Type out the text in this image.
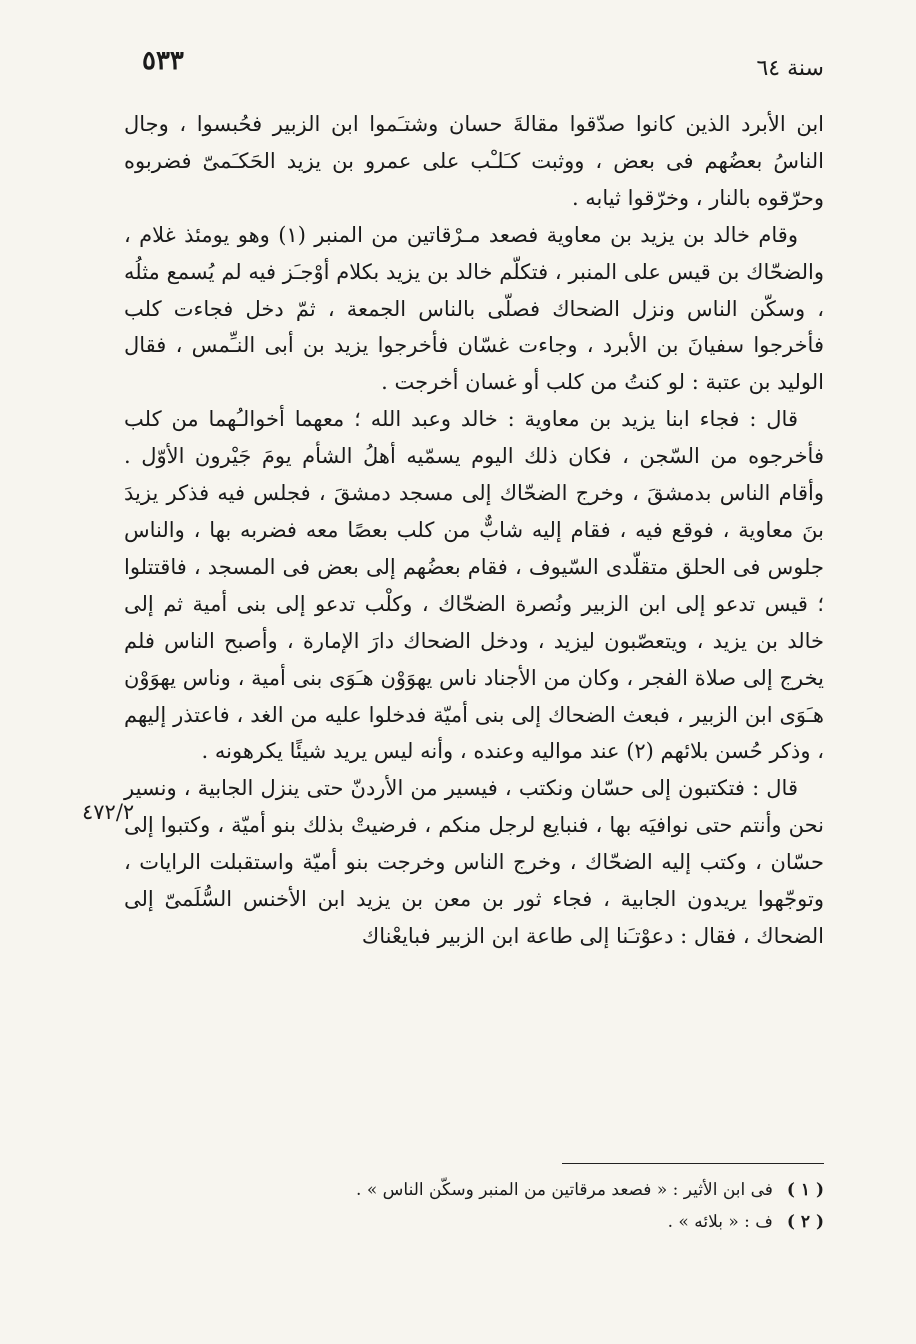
سنة ٦٤
٥٣٣

ابن الأبرد الذين كانوا صدّقوا مقالةَ حسان وشتـَموا ابن الزبير فحُبسوا ، وجال الناسُ بعضُهم فى بعض ، ووثبت كـَلـْب على عمرو بن يزيد الحَكـَمىّ فضربوه وحرّقوه بالنار ، وخرّقوا ثيابه .

وقام خالد بن يزيد بن معاوية فصعد مـرْقاتين من المنبر (١) وهو يومئذ غلام ، والضحّاك بن قيس على المنبر ، فتكلّم خالد بن يزيد بكلام أوْجـَز فيه لم يُسمع مثلُه ، وسكّن الناس ونزل الضحاك فصلّى بالناس الجمعة ، ثمّ دخل فجاءت كلب فأخرجوا سفيانَ بن الأبرد ، وجاءت غسّان فأخرجوا يزيد بن أبى النـِّمس ، فقال الوليد بن عتبة : لو كنتُ من كلب أو غسان أخرجت .

قال : فجاء ابنا يزيد بن معاوية : خالد وعبد الله ؛ معهما أخوالـُهما من كلب فأخرجوه من السّجن ، فكان ذلك اليوم يسمّيه أهلُ الشأم يومَ جَيْرون الأوّل . وأقام الناس بدمشقَ ، وخرج الضحّاك إلى مسجد دمشقَ ، فجلس فيه فذكر يزيدَ بنَ معاوية ، فوقع فيه ، فقام إليه شابٌّ من كلب بعصًا معه فضربه بها ، والناس جلوس فى الحلق متقلّدى السّيوف ، فقام بعضُهم إلى بعض فى المسجد ، فاقتتلوا ؛ قيس تدعو إلى ابن الزبير ونُصرة الضحّاك ، وكلْب تدعو إلى بنى أمية ثم إلى خالد بن يزيد ، ويتعصّبون ليزيد ، ودخل الضحاك دارَ الإمارة ، وأصبح الناس فلم يخرج إلى صلاة الفجر ، وكان من الأجناد ناس يهوَوْن هـَوَى بنى أمية ، وناس يهوَوْن هـَوَى ابن الزبير ، فبعث الضحاك إلى بنى أميّة فدخلوا عليه من الغد ، فاعتذر إليهم ، وذكر حُسن بلائهم (٢) عند مواليه وعنده ، وأنه ليس يريد شيئًا يكرهونه .

قال : فتكتبون إلى حسّان ونكتب ، فيسير من الأردنّ حتى ينزل الجابية ، ونسير نحن وأنتم حتى نوافيَه بها ، فنبايع لرجل منكم ، فرضيتْ بذلك بنو أميّة ، وكتبوا إلى حسّان ، وكتب إليه الضحّاك ، وخرج الناس وخرجت بنو أميّة واستقبلت الرايات ، وتوجّهوا يريدون الجابية ، فجاء ثور بن معن بن يزيد ابن الأخنس السُّلَمىّ إلى الضحاك ، فقال : دعوْتـَنا إلى طاعة ابن الزبير فبايعْناك

٤٧٢/٢
( ١ )
فى ابن الأثير : « فصعد مرقاتين من المنبر وسكّن الناس » .
( ٢ )
ف : « بلائه » .
